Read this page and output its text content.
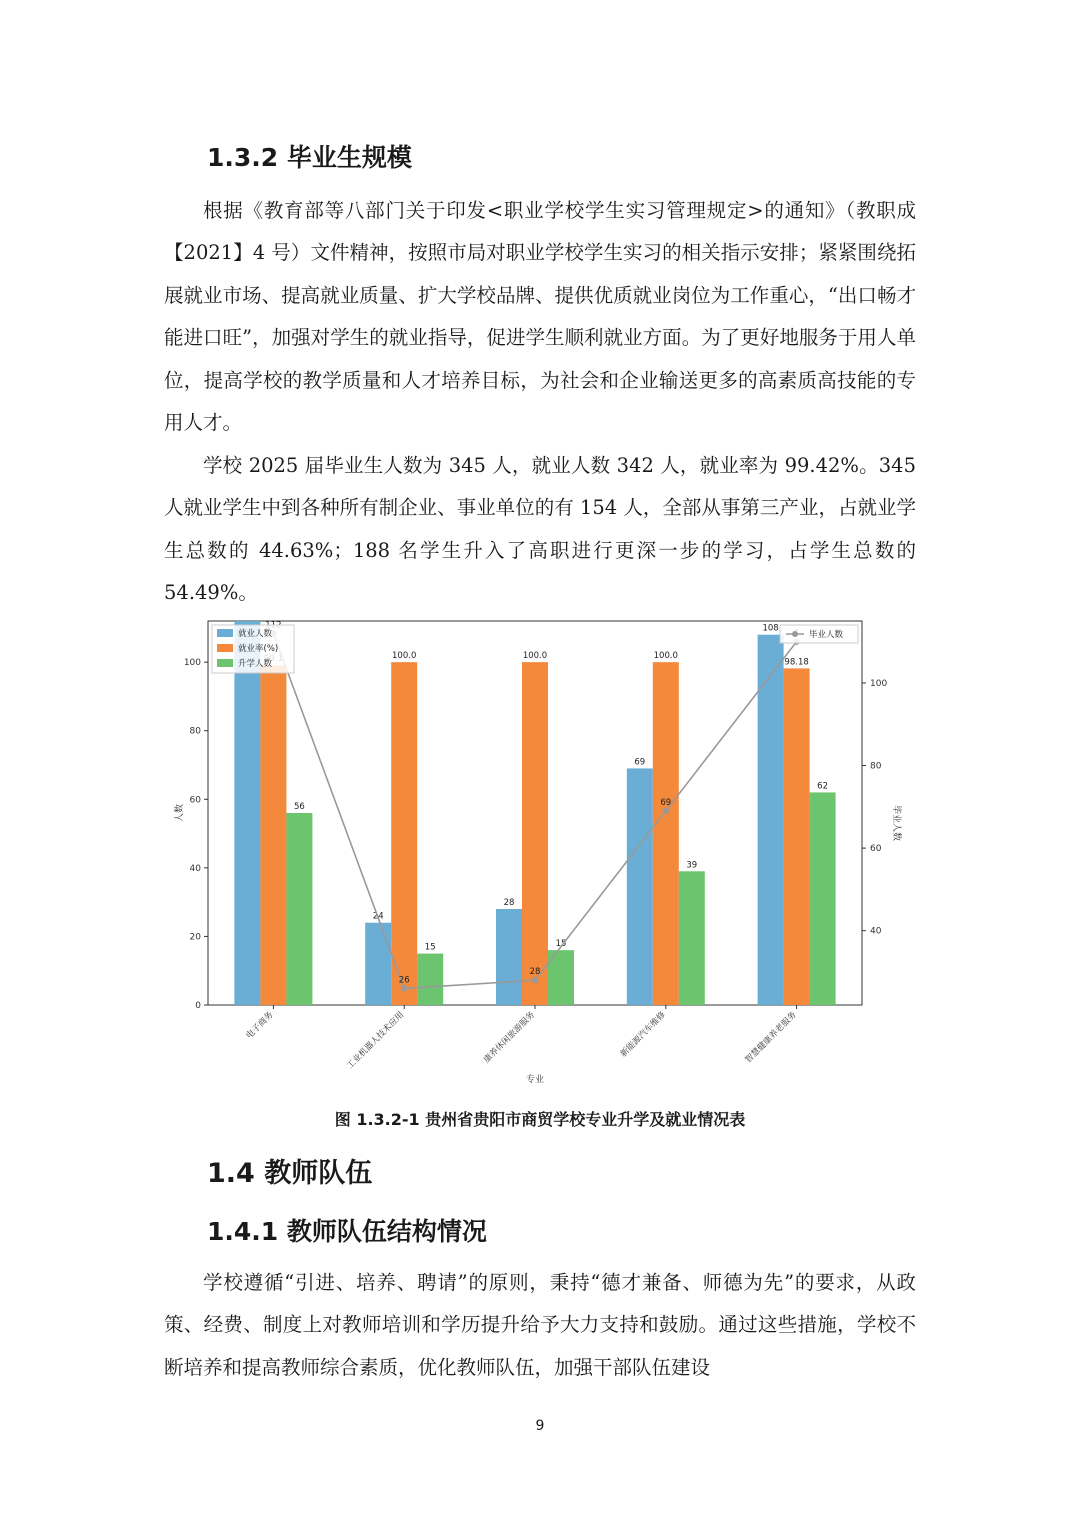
1.3.2 毕业生规模

根据《教育部等八部门关于印发<职业学校学生实习管理规定>的通知》（教职成【2021】4 号）文件精神，按照市局对职业学校学生实习的相关指示安排；紧紧围绕拓展就业市场、提高就业质量、扩大学校品牌、提供优质就业岗位为工作重心，“出口畅才能进口旺”，加强对学生的就业指导，促进学生顺利就业方面。为了更好地服务于用人单位，提高学校的教学质量和人才培养目标，为社会和企业输送更多的高素质高技能的专用人才。

学校 2025 届毕业生人数为 345 人，就业人数 342 人，就业率为 99.42%。345 人就业学生中到各种所有制企业、事业单位的有 154 人，全部从事第三产业，占就业学生总数的 44.63%；188 名学生升入了高职进行更深一步的学习，占学生总数的 54.49%。

0
20
40
60
80
100
40
60
80
100
24
28
69
108
100.0	100.0	100.0
98.18
56
15	15
39
62
26
28
69
电子商务	工业机器人技术应用	康养休闲旅游服务	新能源汽车维修	智慧健康养老服务
专业
人数	毕业人数
就业人数
就业率(%)
升学人数
毕业人数

图 1.3.2-1 贵州省贵阳市商贸学校专业升学及就业情况表

1.4 教师队伍
1.4.1 教师队伍结构情况

学校遵循“引进、培养、聘请”的原则，秉持“德才兼备、师德为先”的要求，从政策、经费、制度上对教师培训和学历提升给予大力支持和鼓励。通过这些措施，学校不断培养和提高教师综合素质，优化教师队伍，加强干部队伍建设

9
